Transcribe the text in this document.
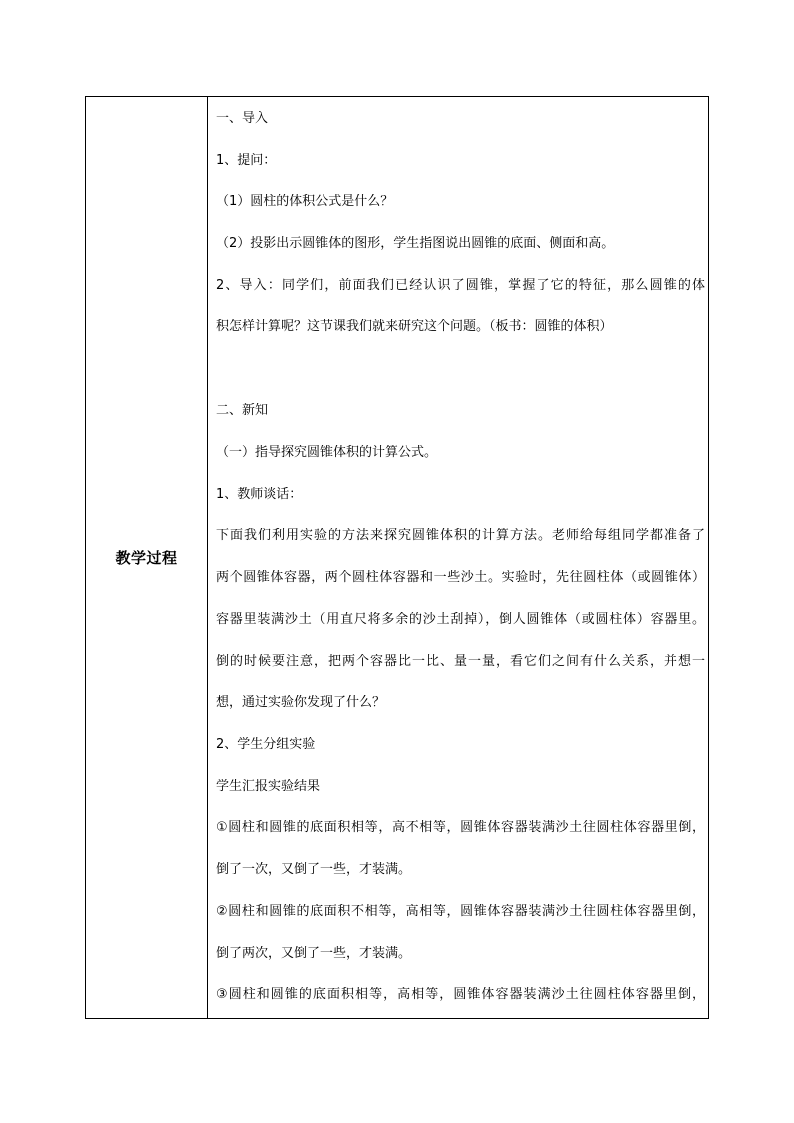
教学过程
一、导入
1、提问：
（1）圆柱的体积公式是什么？
（2）投影出示圆锥体的图形，学生指图说出圆锥的底面、侧面和高。
2、导入：同学们，前面我们已经认识了圆锥，掌握了它的特征，那么圆锥的体
积怎样计算呢？这节课我们就来研究这个问题。（板书：圆锥的体积）
二、新知
（一）指导探究圆锥体积的计算公式。
1、教师谈话：
下面我们利用实验的方法来探究圆锥体积的计算方法。老师给每组同学都准备了
两个圆锥体容器，两个圆柱体容器和一些沙土。实验时，先往圆柱体（或圆锥体）
容器里装满沙土（用直尺将多余的沙土刮掉），倒人圆锥体（或圆柱体）容器里。
倒的时候要注意，把两个容器比一比、量一量，看它们之间有什么关系，并想一
想，通过实验你发现了什么？
2、学生分组实验
学生汇报实验结果
①圆柱和圆锥的底面积相等，高不相等，圆锥体容器装满沙土往圆柱体容器里倒，
倒了一次，又倒了一些，才装满。
②圆柱和圆锥的底面积不相等，高相等，圆锥体容器装满沙土往圆柱体容器里倒，
倒了两次，又倒了一些，才装满。
③圆柱和圆锥的底面积相等，高相等，圆锥体容器装满沙土往圆柱体容器里倒，
